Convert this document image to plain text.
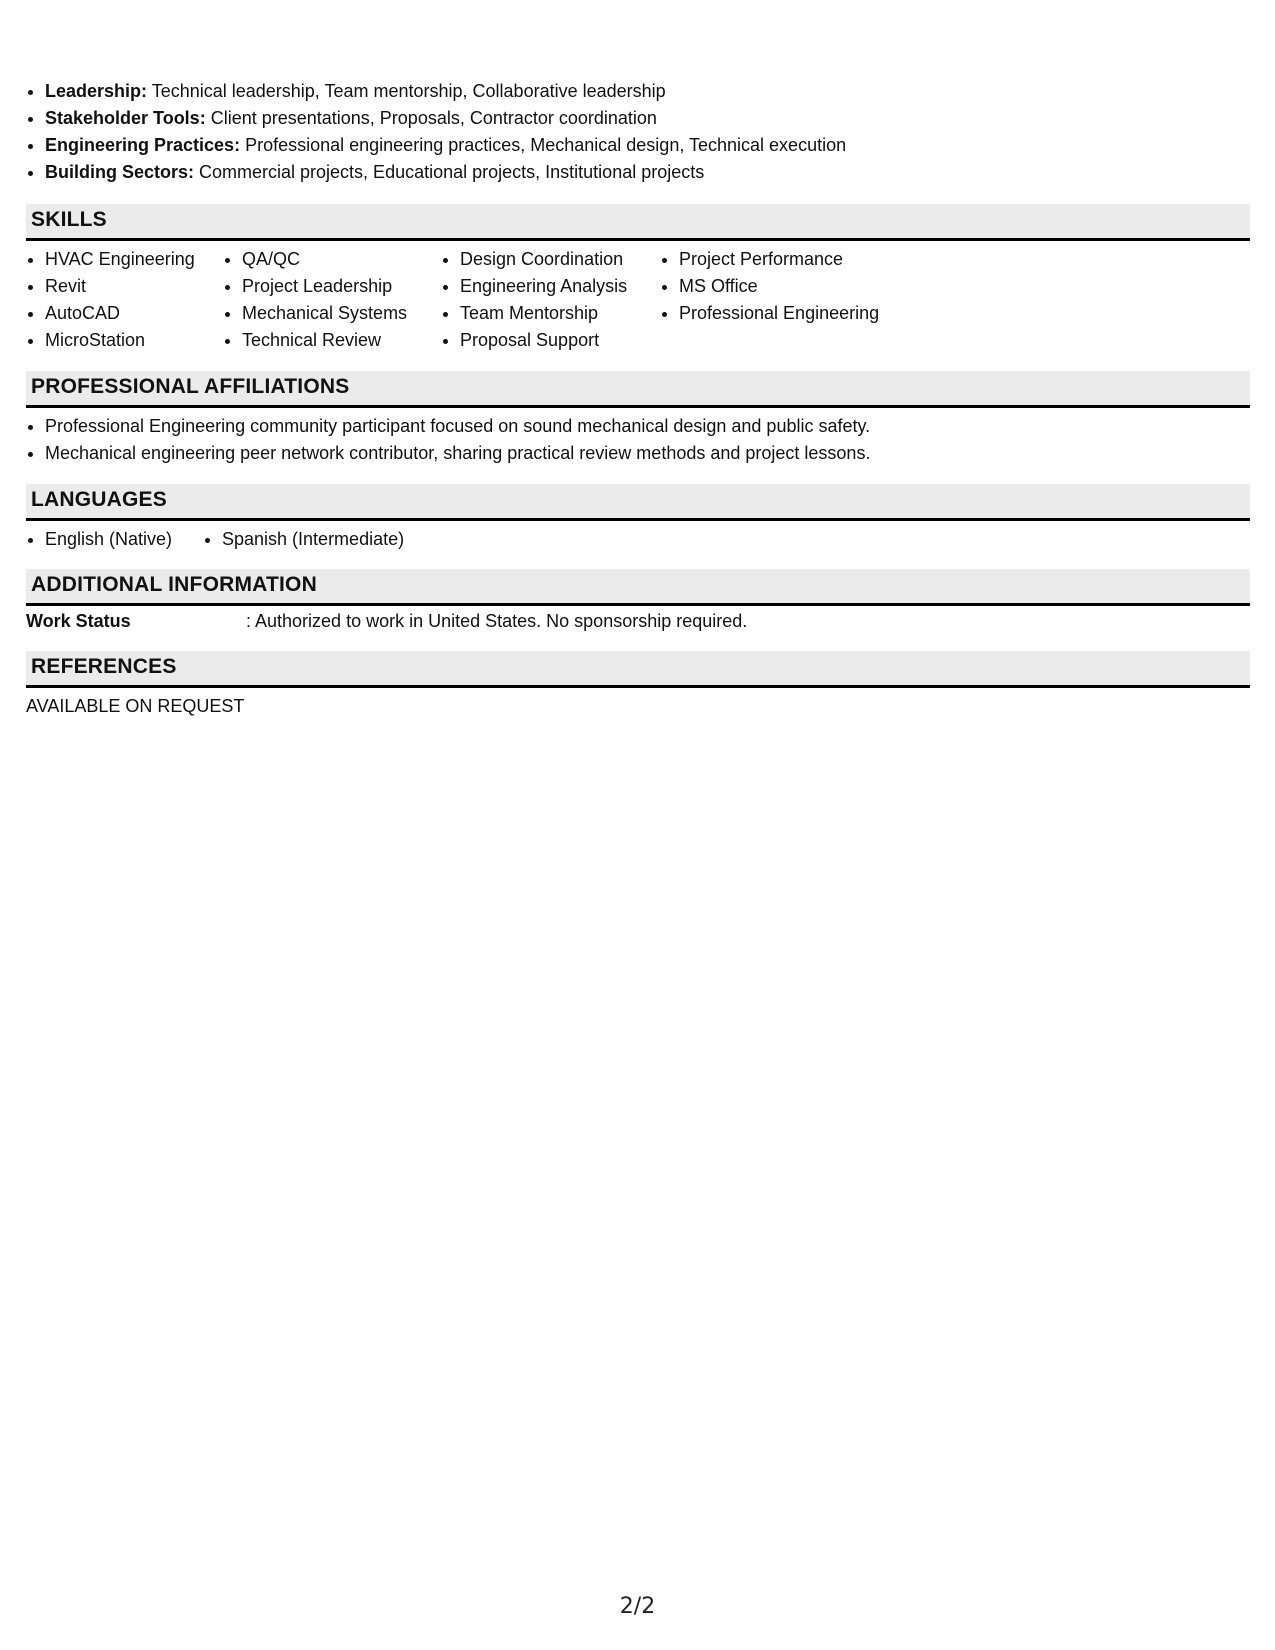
• Leadership: Technical leadership, Team mentorship, Collaborative leadership
• Stakeholder Tools: Client presentations, Proposals, Contractor coordination
• Engineering Practices: Professional engineering practices, Mechanical design, Technical execution
• Building Sectors: Commercial projects, Educational projects, Institutional projects
SKILLS
• HVAC Engineering
• Revit
• AutoCAD
• MicroStation
• QA/QC
• Project Leadership
• Mechanical Systems
• Technical Review
• Design Coordination
• Engineering Analysis
• Team Mentorship
• Proposal Support
• Project Performance
• MS Office
• Professional Engineering
PROFESSIONAL AFFILIATIONS
• Professional Engineering community participant focused on sound mechanical design and public safety.
• Mechanical engineering peer network contributor, sharing practical review methods and project lessons.
LANGUAGES
• English (Native)
•	Spanish (Intermediate)
ADDITIONAL INFORMATION
Work Status	: Authorized to work in United States. No sponsorship required.
REFERENCES
AVAILABLE ON REQUEST
2/2
